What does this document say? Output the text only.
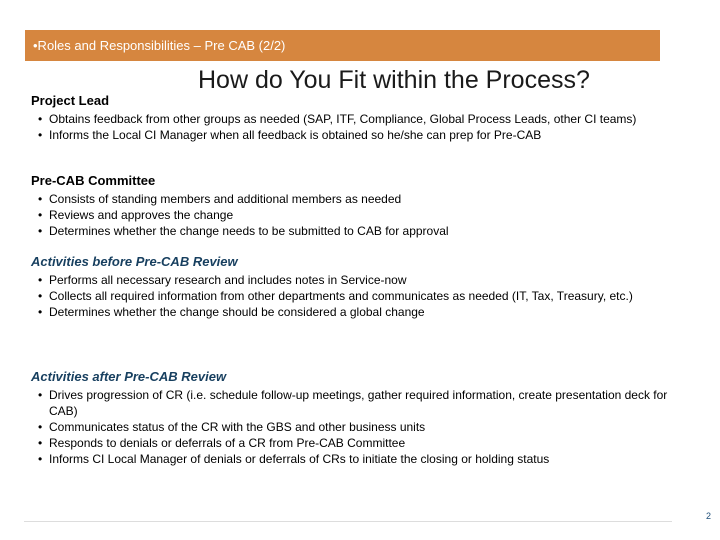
•Roles and Responsibilities – Pre CAB (2/2)
How do You Fit within the Process?
Project Lead
• Obtains feedback from other groups as needed (SAP, ITF, Compliance, Global Process Leads, other CI teams)
• Informs the Local CI Manager when all feedback is obtained so he/she can prep for Pre-CAB
Pre-CAB Committee
• Consists of standing members and additional members as needed
• Reviews and approves the change
• Determines whether the change needs to be submitted to CAB for approval
Activities before Pre-CAB Review
• Performs all necessary research and includes notes in Service-now
• Collects all required information from other departments and communicates as needed (IT, Tax, Treasury, etc.)
• Determines whether the change should be considered a global change
Activities after Pre-CAB Review
• Drives progression of CR (i.e. schedule follow-up meetings, gather required information, create presentation deck for CAB)
• Communicates status of the CR with the GBS and other business units
• Responds to denials or deferrals of a CR from Pre-CAB Committee
• Informs CI Local Manager of denials or deferrals of CRs to initiate the closing or holding status
2
